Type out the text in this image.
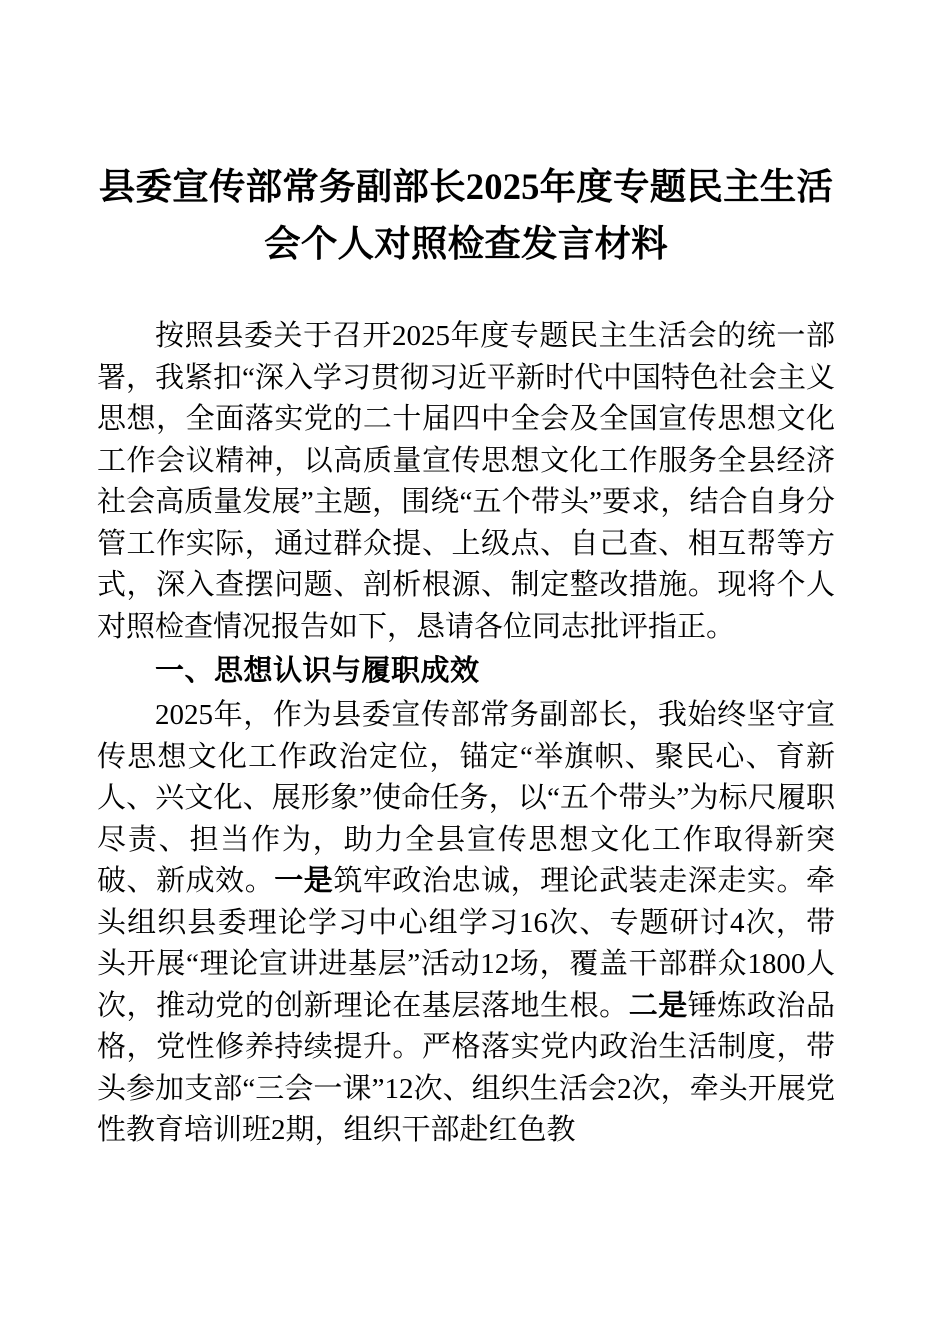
县委宣传部常务副部长2025年度专题民主生活会个人对照检查发言材料

按照县委关于召开2025年度专题民主生活会的统一部署，我紧扣“深入学习贯彻习近平新时代中国特色社会主义思想，全面落实党的二十届四中全会及全国宣传思想文化工作会议精神，以高质量宣传思想文化工作服务全县经济社会高质量发展”主题，围绕“五个带头”要求，结合自身分管工作实际，通过群众提、上级点、自己查、相互帮等方式，深入查摆问题、剖析根源、制定整改措施。现将个人对照检查情况报告如下，恳请各位同志批评指正。

一、思想认识与履职成效

2025年，作为县委宣传部常务副部长，我始终坚守宣传思想文化工作政治定位，锚定“举旗帜、聚民心、育新人、兴文化、展形象”使命任务，以“五个带头”为标尺履职尽责、担当作为，助力全县宣传思想文化工作取得新突破、新成效。一是筑牢政治忠诚，理论武装走深走实。牵头组织县委理论学习中心组学习16次、专题研讨4次，带头开展“理论宣讲进基层”活动12场，覆盖干部群众1800人次，推动党的创新理论在基层落地生根。二是锤炼政治品格，党性修养持续提升。严格落实党内政治生活制度，带头参加支部“三会一课”12次、组织生活会2次，牵头开展党性教育培训班2期，组织干部赴红色教
